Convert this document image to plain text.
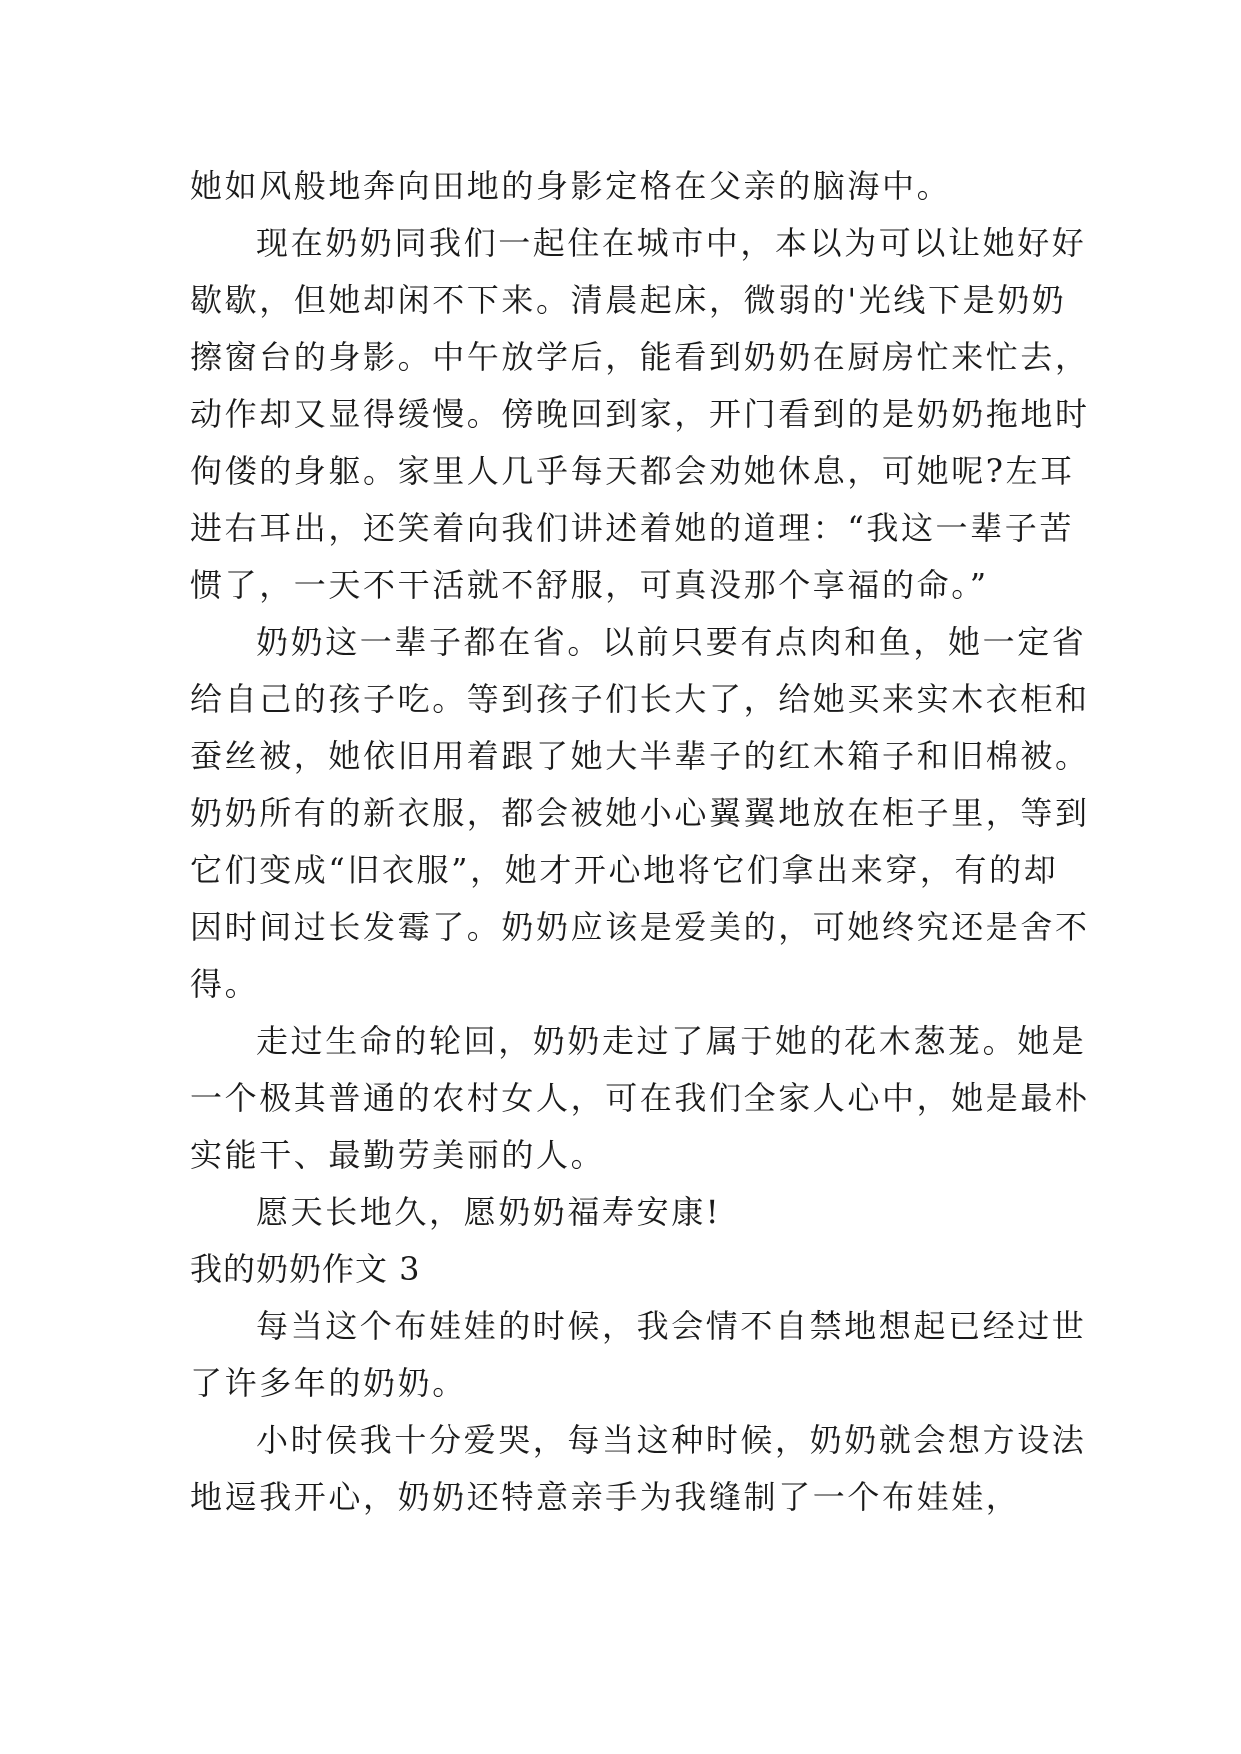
她如风般地奔向田地的身影定格在父亲的脑海中。
现在奶奶同我们一起住在城市中，本以为可以让她好好
歇歇，但她却闲不下来。清晨起床，微弱的'光线下是奶奶
擦窗台的身影。中午放学后，能看到奶奶在厨房忙来忙去，
动作却又显得缓慢。傍晚回到家，开门看到的是奶奶拖地时
佝偻的身躯。家里人几乎每天都会劝她休息，可她呢?左耳
进右耳出，还笑着向我们讲述着她的道理：“我这一辈子苦
惯了，一天不干活就不舒服，可真没那个享福的命。”
奶奶这一辈子都在省。以前只要有点肉和鱼，她一定省
给自己的孩子吃。等到孩子们长大了，给她买来实木衣柜和
蚕丝被，她依旧用着跟了她大半辈子的红木箱子和旧棉被。
奶奶所有的新衣服，都会被她小心翼翼地放在柜子里，等到
它们变成“旧衣服”，她才开心地将它们拿出来穿，有的却
因时间过长发霉了。奶奶应该是爱美的，可她终究还是舍不
得。
走过生命的轮回，奶奶走过了属于她的花木葱茏。她是
一个极其普通的农村女人，可在我们全家人心中，她是最朴
实能干、最勤劳美丽的人。
愿天长地久，愿奶奶福寿安康!
我的奶奶作文 3
每当这个布娃娃的时候，我会情不自禁地想起已经过世
了许多年的奶奶。
小时侯我十分爱哭，每当这种时候，奶奶就会想方设法
地逗我开心，奶奶还特意亲手为我缝制了一个布娃娃，
